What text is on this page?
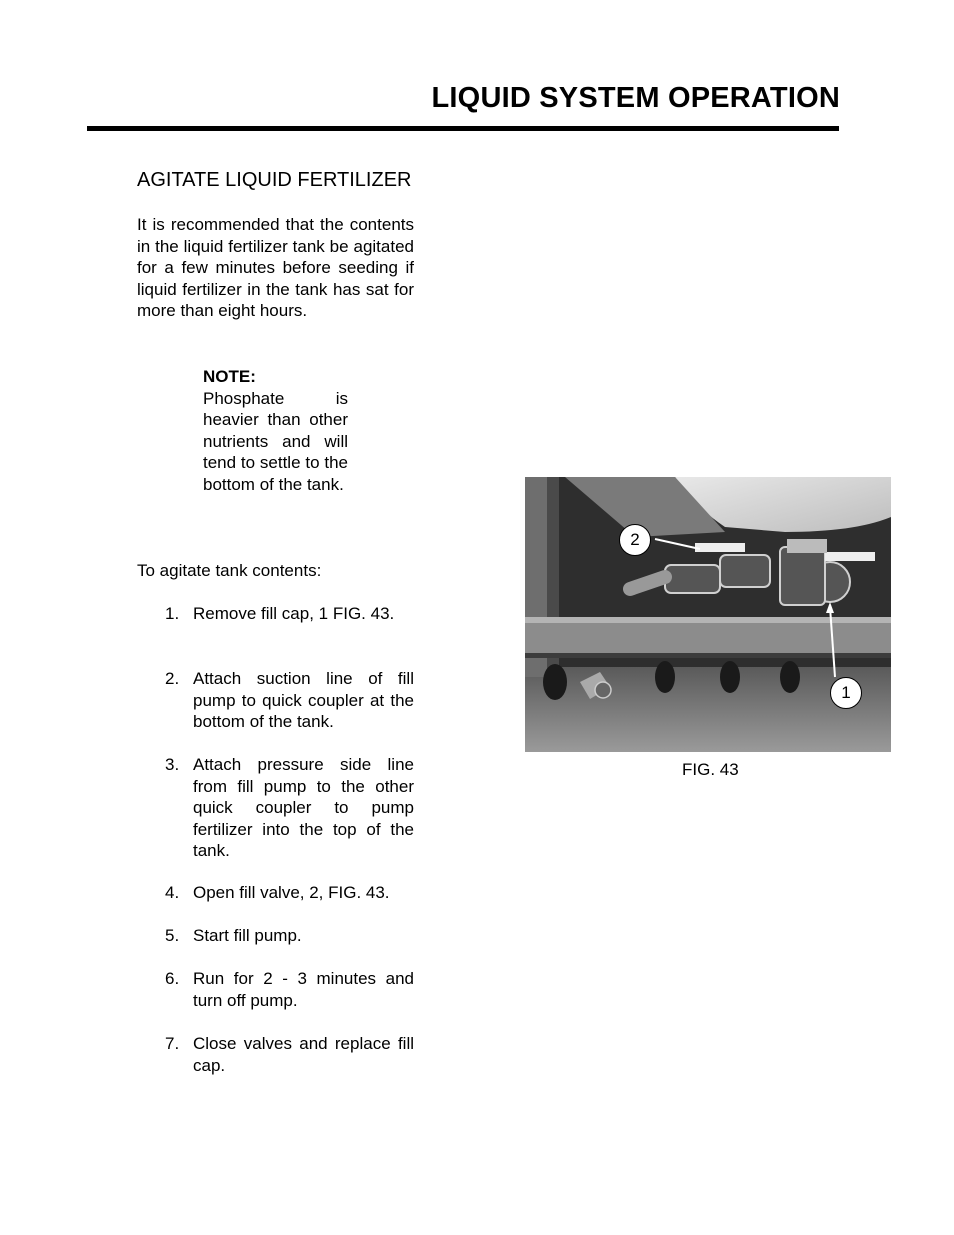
LIQUID SYSTEM OPERATION
AGITATE LIQUID FERTILIZER
It is recommended that the contents in the liquid fertilizer tank be agitated for a few minutes before seeding if liquid fertilizer in the tank has sat for more than eight hours.
NOTE:
Phosphate is heavier than other nutrients and will tend to settle to the bottom of the tank.
To agitate tank contents:
1. Remove fill cap, 1 FIG. 43.
2. Attach suction line of fill pump to quick coupler at the bottom of the tank.
3. Attach pressure side line from fill pump to the other quick coupler to pump fertilizer into the top of the tank.
4. Open fill valve, 2, FIG. 43.
5. Start fill pump.
6. Run for 2 - 3 minutes and turn off pump.
7. Close valves and replace fill cap.
2
1
FIG. 43
